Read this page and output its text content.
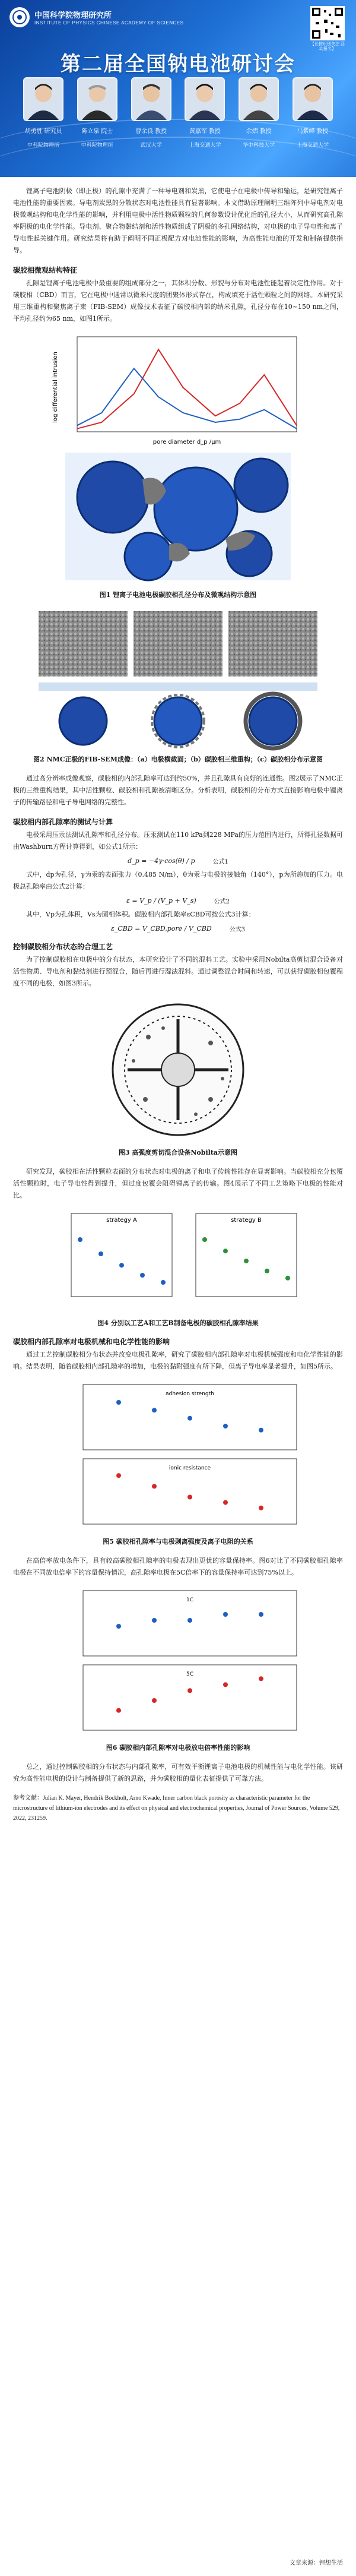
中国科学院物理研究所
INSTITUTE OF PHYSICS CHINESE ACADEMY OF SCIENCES
【长按识别关注 活动报名】
第二届全国钠电池研讨会
胡勇胜 研究员
中科院物理所
陈立泉 院士
中科院物理所
曹余良 教授
武汉大学
黄嘉军 教授
上海交通大学
余熠 教授
华中科技大学
马紫峰 教授
上海交通大学

锂离子电池阴极（即正极）的孔隙中充满了一种导电剂和炭黑，它使电子在电极中传导和输运，是研究锂离子电池性能的重要因素。导电剂炭黑的分散状态对电池性能具有显著影响。本文借助原理阐明三维阵列中导电剂对电极微观结构和电化学性能的影响，并利用电极中活性物质颗粒的几何参数设计优化后的孔径大小，从而研究高孔隙率阴极的电化学性能。导电剂、聚合物黏结剂和活性物质组成了阴极的多孔网络结构，对电极的电子导电性和离子导电性起关键作用。研究结果将有助于阐明不同正极配方对电池性能的影响，为高性能电池的开发和制备提供指导。

碳胶相微观结构特征

孔隙是锂离子电池电极中最重要的组成部分之一，其体积分数、形貌与分布对电池性能起着决定性作用。对于碳胶相（CBD）而言，它在电极中通常以微米尺度的团聚体形式存在，构成填充于活性颗粒之间的网络。本研究采用三维重构和聚焦离子束（FIB-SEM）成像技术表征了碳胶相内部的纳米孔隙，孔径分布在10~150 nm之间，平均孔径约为65 nm，如图1所示。

pore diameter d_p /μm
log differential intrusion
图1 锂离子电池电极碳胶相孔径分布及微观结构示意图
图2 NMC正极的FIB-SEM成像：（a）电极横截面；（b）碳胶相三维重构；（c）碳胶相分布示意图

通过高分辨率成像观察，碳胶相的内部孔隙率可达到约50%，并且孔隙具有良好的连通性。图2展示了NMC正极的三维重构结果，其中活性颗粒、碳胶相和孔隙被清晰区分。分析表明，碳胶相的分布方式直接影响电极中锂离子的传输路径和电子导电网络的完整性。

碳胶相内部孔隙率的测试与计算

电极采用压汞法测试孔隙率和孔径分布。压汞测试在110 kPa到228 MPa的压力范围内进行，所得孔径数据可由Washburn方程计算得到，如公式1所示：

d_p = −4γ·cos(θ) / p	公式1

式中，dp为孔径，γ为汞的表面张力（0.485 N/m），θ为汞与电极的接触角（140°），p为所施加的压力。电极总孔隙率由公式2计算：

ε = V_p / (V_p + V_s)	公式2

其中，Vp为孔体积，Vs为固相体积。碳胶相内部孔隙率εCBD可按公式3计算：

ε_CBD = V_CBD,pore / V_CBD	公式3
控制碳胶相分布状态的合理工艺

为了控制碳胶相在电极中的分布状态，本研究设计了不同的混料工艺。实验中采用Nobilta高剪切混合设备对活性物质、导电剂和黏结剂进行预混合，随后再进行湿法混料。通过调整混合时间和转速，可以获得碳胶相包覆程度不同的电极，如图3所示。

图3 高强度剪切混合设备Nobilta示意图

研究发现，碳胶相在活性颗粒表面的分布状态对电极的离子和电子传输性能存在显著影响。当碳胶相充分包覆活性颗粒时，电子导电性得到提升，但过度包覆会阻碍锂离子的传输。图4展示了不同工艺策略下电极的性能对比。

strategy A	strategy B
图4 分别以工艺A和工艺B制备电极的碳胶相孔隙率结果
碳胶相内部孔隙率对电极机械和电化学性能的影响

通过工艺控制碳胶相分布状态并改变电极孔隙率，研究了碳胶相内部孔隙率对电极机械强度和电化学性能的影响。结果表明，随着碳胶相内部孔隙率的增加，电极的黏附强度有所下降，但离子导电率显著提升，如图5所示。

adhesion strength
ionic resistance
图5 碳胶相孔隙率与电极剥离强度及离子电阻的关系

在高倍率放电条件下，具有较高碳胶相孔隙率的电极表现出更优的容量保持率。图6对比了不同碳胶相孔隙率电极在不同放电倍率下的容量保持情况，高孔隙率电极在5C倍率下的容量保持率可达到75%以上。

1C
5C
图6 碳胶相内部孔隙率对电极放电倍率性能的影响

总之，通过控制碳胶相的分布状态与内部孔隙率，可有效平衡锂离子电池电极的机械性能与电化学性能。该研究为高性能电极的设计与制备提供了新的思路，并为碳胶相的量化表征提供了可靠方法。

参考文献：Julian K. Mayer, Hendrik Bockholt, Arno Kwade, Inner carbon black porosity as characteristic parameter for the microstructure of lithium-ion electrodes and its effect on physical and electrochemical properties, Journal of Power Sources, Volume 529, 2022, 231259.
文章来源：锂想生活
